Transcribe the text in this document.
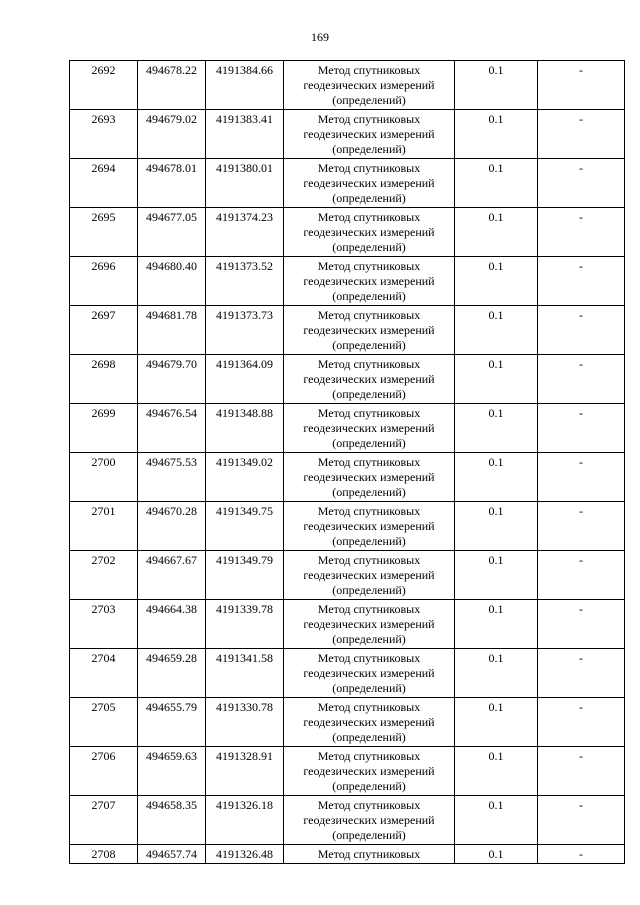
169
2692	494678.22	4191384.66	Метод спутниковых геодезических измерений (определений)	0.1	-
2693	494679.02	4191383.41	Метод спутниковых геодезических измерений (определений)	0.1	-
2694	494678.01	4191380.01	Метод спутниковых геодезических измерений (определений)	0.1	-
2695	494677.05	4191374.23	Метод спутниковых геодезических измерений (определений)	0.1	-
2696	494680.40	4191373.52	Метод спутниковых геодезических измерений (определений)	0.1	-
2697	494681.78	4191373.73	Метод спутниковых геодезических измерений (определений)	0.1	-
2698	494679.70	4191364.09	Метод спутниковых геодезических измерений (определений)	0.1	-
2699	494676.54	4191348.88	Метод спутниковых геодезических измерений (определений)	0.1	-
2700	494675.53	4191349.02	Метод спутниковых геодезических измерений (определений)	0.1	-
2701	494670.28	4191349.75	Метод спутниковых геодезических измерений (определений)	0.1	-
2702	494667.67	4191349.79	Метод спутниковых геодезических измерений (определений)	0.1	-
2703	494664.38	4191339.78	Метод спутниковых геодезических измерений (определений)	0.1	-
2704	494659.28	4191341.58	Метод спутниковых геодезических измерений (определений)	0.1	-
2705	494655.79	4191330.78	Метод спутниковых геодезических измерений (определений)	0.1	-
2706	494659.63	4191328.91	Метод спутниковых геодезических измерений (определений)	0.1	-
2707	494658.35	4191326.18	Метод спутниковых геодезических измерений (определений)	0.1	-
2708	494657.74	4191326.48	Метод спутниковых	0.1	-
